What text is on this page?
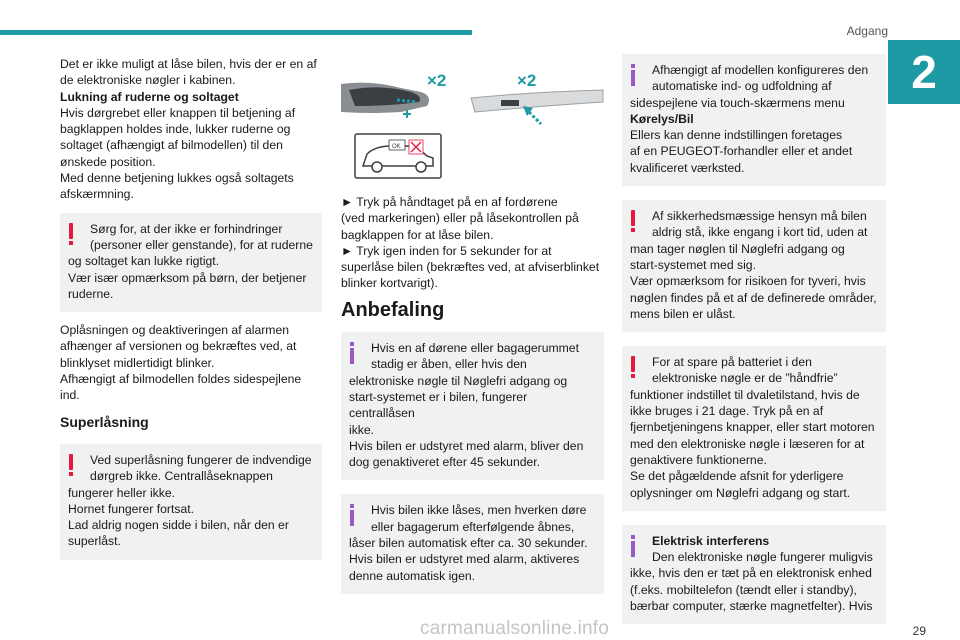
Adgang
2
Det er ikke muligt at låse bilen, hvis der er en af
de elektroniske nøgler i kabinen.
Lukning af ruderne og soltaget
Hvis dørgrebet eller knappen til betjening af
bagklappen holdes inde, lukker ruderne og
soltaget (afhængigt af bilmodellen) til den
ønskede position.
Med denne betjening lukkes også soltagets
afskærmning.
Sørg for, at der ikke er forhindringer
(personer eller genstande), for at ruderne
og soltaget kan lukke rigtigt.
Vær især opmærksom på børn, der betjener
ruderne.
Oplåsningen og deaktiveringen af alarmen
afhænger af versionen og bekræftes ved, at
blinklyset midlertidigt blinker.
Afhængigt af bilmodellen foldes sidespejlene ind.
Superlåsning
Ved superlåsning fungerer de indvendige
dørgreb ikke. Centrallåseknappen
fungerer heller ikke.
Hornet fungerer fortsat.
Lad aldrig nogen sidde i bilen, når den er
superlåst.
×2	×2
OK
► Tryk på håndtaget på en af fordørene
(ved markeringen) eller på låsekontrollen på
bagklappen for at låse bilen.
► Tryk igen inden for 5 sekunder for at
superlåse bilen (bekræftes ved, at afviserblinket
blinker kortvarigt).
Anbefaling
Hvis en af dørene eller bagagerummet
stadig er åben, eller hvis den
elektroniske nøgle til Nøglefri adgang og
start-systemet er i bilen, fungerer centrallåsen
ikke.
Hvis bilen er udstyret med alarm, bliver den
dog genaktiveret efter 45 sekunder.
Hvis bilen ikke låses, men hverken døre
eller bagagerum efterfølgende åbnes,
låser bilen automatisk efter ca. 30 sekunder.
Hvis bilen er udstyret med alarm, aktiveres
denne automatisk igen.
Afhængigt af modellen konfigureres den
automatiske ind- og udfoldning af
sidespejlene via touch-skærmens menu
Kørelys/Bil
Ellers kan denne indstillingen foretages
af en PEUGEOT-forhandler eller et andet
kvalificeret værksted.
Af sikkerhedsmæssige hensyn må bilen
aldrig stå, ikke engang i kort tid, uden at
man tager nøglen til Nøglefri adgang og
start-systemet med sig.
Vær opmærksom for risikoen for tyveri, hvis
nøglen findes på et af de definerede områder,
mens bilen er ulåst.
For at spare på batteriet i den
elektroniske nøgle er de ”håndfrie”
funktioner indstillet til dvaletilstand, hvis de
ikke bruges i 21 dage. Tryk på en af
fjernbetjeningens knapper, eller start motoren
med den elektroniske nøgle i læseren for at
genaktivere funktionerne.
Se det pågældende afsnit for yderligere
oplysninger om Nøglefri adgang og start.
Elektrisk interferens
Den elektroniske nøgle fungerer muligvis
ikke, hvis den er tæt på en elektronisk enhed
(f.eks. mobiltelefon (tændt eller i standby),
bærbar computer, stærke magnetfelter). Hvis
carmanualsonline.info	29
